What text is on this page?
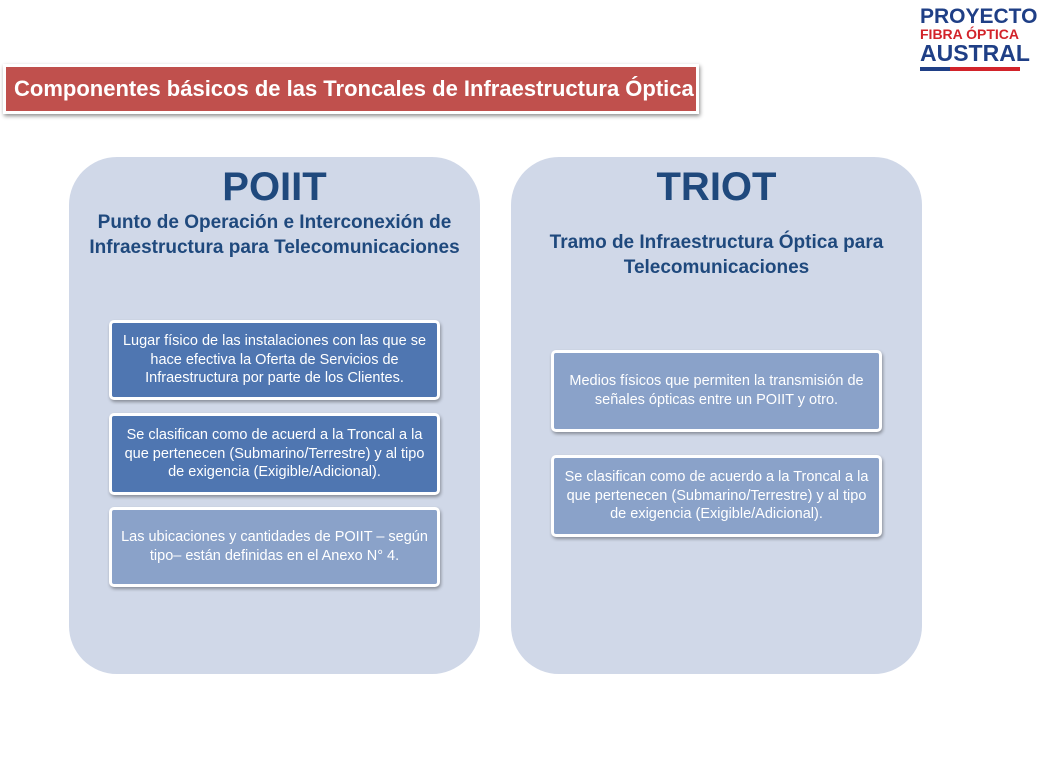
PROYECTO
FIBRA ÓPTICA
AUSTRAL
Componentes básicos de las Troncales de Infraestructura Óptica
POIIT
Punto de Operación e Interconexión de Infraestructura para Telecomunicaciones
Lugar físico de las instalaciones con las que se hace efectiva la Oferta de Servicios de Infraestructura por parte de los Clientes.
Se clasifican como de acuerd a la Troncal a la que pertenecen (Submarino/Terrestre) y al tipo de exigencia (Exigible/Adicional).
Las ubicaciones y cantidades de POIIT – según tipo– están definidas en el Anexo N° 4.
TRIOT
Tramo de Infraestructura Óptica para Telecomunicaciones
Medios físicos que permiten la transmisión de señales ópticas entre un POIIT y otro.
Se clasifican como de acuerdo a la Troncal a la que pertenecen (Submarino/Terrestre) y al tipo de exigencia (Exigible/Adicional).
